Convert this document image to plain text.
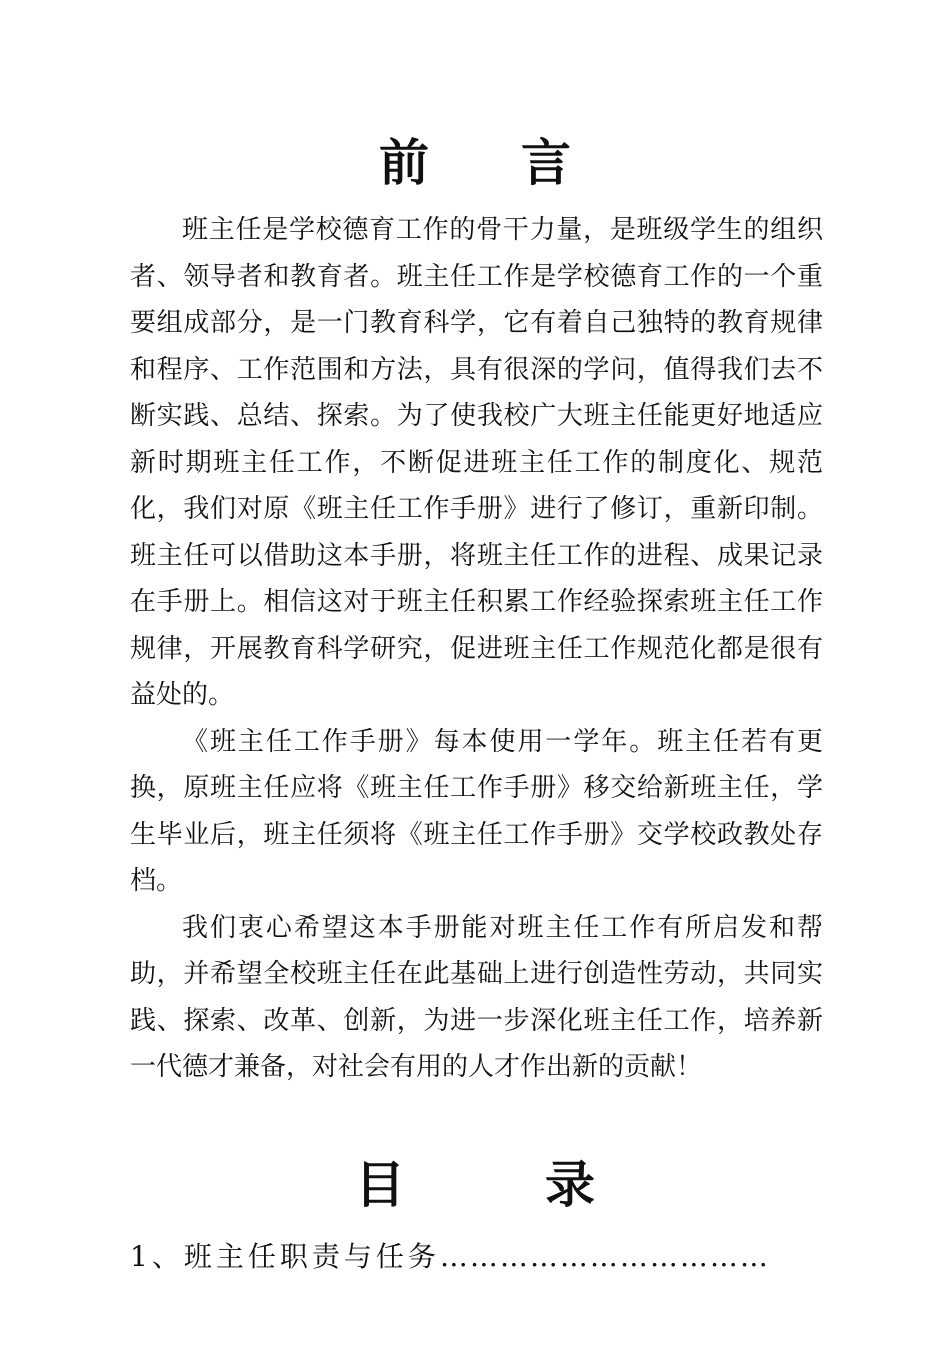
前 言

班主任是学校德育工作的骨干力量，是班级学生的组织者、领导者和教育者。班主任工作是学校德育工作的一个重要组成部分，是一门教育科学，它有着自己独特的教育规律和程序、工作范围和方法，具有很深的学问，值得我们去不断实践、总结、探索。为了使我校广大班主任能更好地适应新时期班主任工作，不断促进班主任工作的制度化、规范化，我们对原《班主任工作手册》进行了修订，重新印制。班主任可以借助这本手册，将班主任工作的进程、成果记录在手册上。相信这对于班主任积累工作经验探索班主任工作规律，开展教育科学研究，促进班主任工作规范化都是很有益处的。

《班主任工作手册》每本使用一学年。班主任若有更换，原班主任应将《班主任工作手册》移交给新班主任，学生毕业后，班主任须将《班主任工作手册》交学校政教处存档。

我们衷心希望这本手册能对班主任工作有所启发和帮助，并希望全校班主任在此基础上进行创造性劳动，共同实践、探索、改革、创新，为进一步深化班主任工作，培养新一代德才兼备，对社会有用的人才作出新的贡献！

目	录
1、班主任职责与任务 ……………………………
